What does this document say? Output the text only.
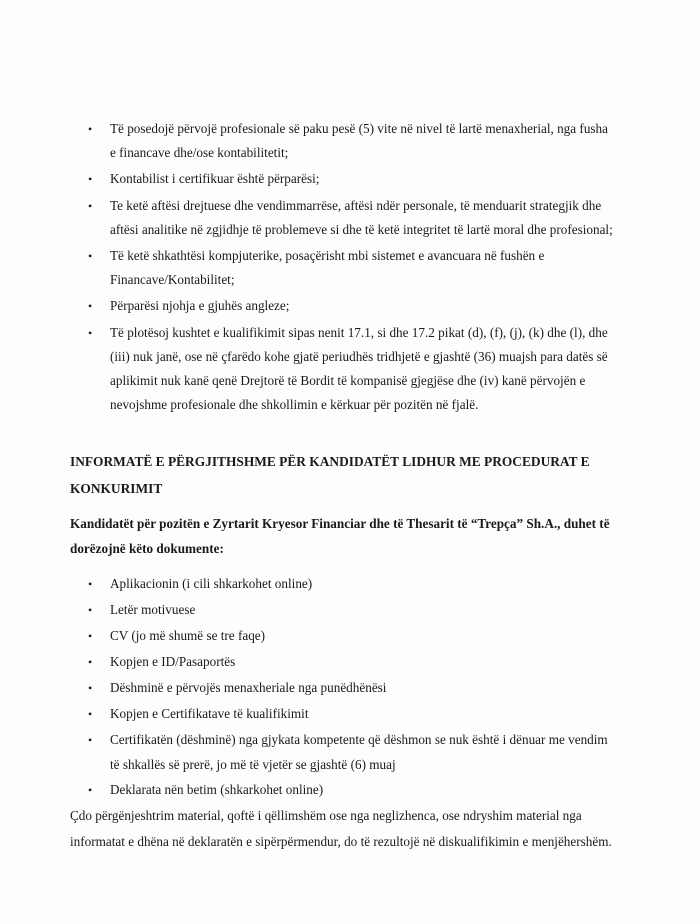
• Të posedojë përvojë profesionale së paku pesë (5) vite në nivel të lartë menaxherial, nga fusha e financave dhe/ose kontabilitetit;
• Kontabilist i certifikuar është përparësi;
• Te ketë aftësi drejtuese dhe vendimmarrëse, aftësi ndër personale, të menduarit strategjik dhe aftësi analitike në zgjidhje të problemeve si dhe të ketë integritet të lartë moral dhe profesional;
• Të ketë shkathtësi kompjuterike, posaçërisht mbi sistemet e avancuara në fushën e Financave/Kontabilitet;
• Përparësi njohja e gjuhës angleze;
• Të plotësoj kushtet e kualifikimit sipas nenit 17.1, si dhe 17.2 pikat (d), (f), (j), (k) dhe (l), dhe (iii) nuk janë, ose në çfarëdo kohe gjatë periudhës tridhjetë e gjashtë (36) muajsh para datës së aplikimit nuk kanë qenë Drejtorë të Bordit të kompanisë gjegjëse dhe (iv) kanë përvojën e nevojshme profesionale dhe shkollimin e kërkuar për pozitën në fjalë.
INFORMATË E PËRGJITHSHME PËR KANDIDATËT LIDHUR ME PROCEDURAT E KONKURIMIT

Kandidatët për pozitën e Zyrtarit Kryesor Financiar dhe të Thesarit të “Trepça” Sh.A., duhet të dorëzojnë këto dokumente:

• Aplikacionin (i cili shkarkohet online)
• Letër motivuese
• CV (jo më shumë se tre faqe)
• Kopjen e ID/Pasaportës
• Dëshminë e përvojës menaxheriale nga punëdhënësi
• Kopjen e Certifikatave të kualifikimit
• Certifikatën (dëshminë) nga gjykata kompetente që dëshmon se nuk është i dënuar me vendim të shkallës së prerë, jo më të vjetër se gjashtë (6) muaj
• Deklarata nën betim (shkarkohet online)

Çdo përgënjeshtrim material, qoftë i qëllimshëm ose nga neglizhenca, ose ndryshim material nga informatat e dhëna në deklaratën e sipërpërmendur, do të rezultojë në diskualifikimin e menjëhershëm.
